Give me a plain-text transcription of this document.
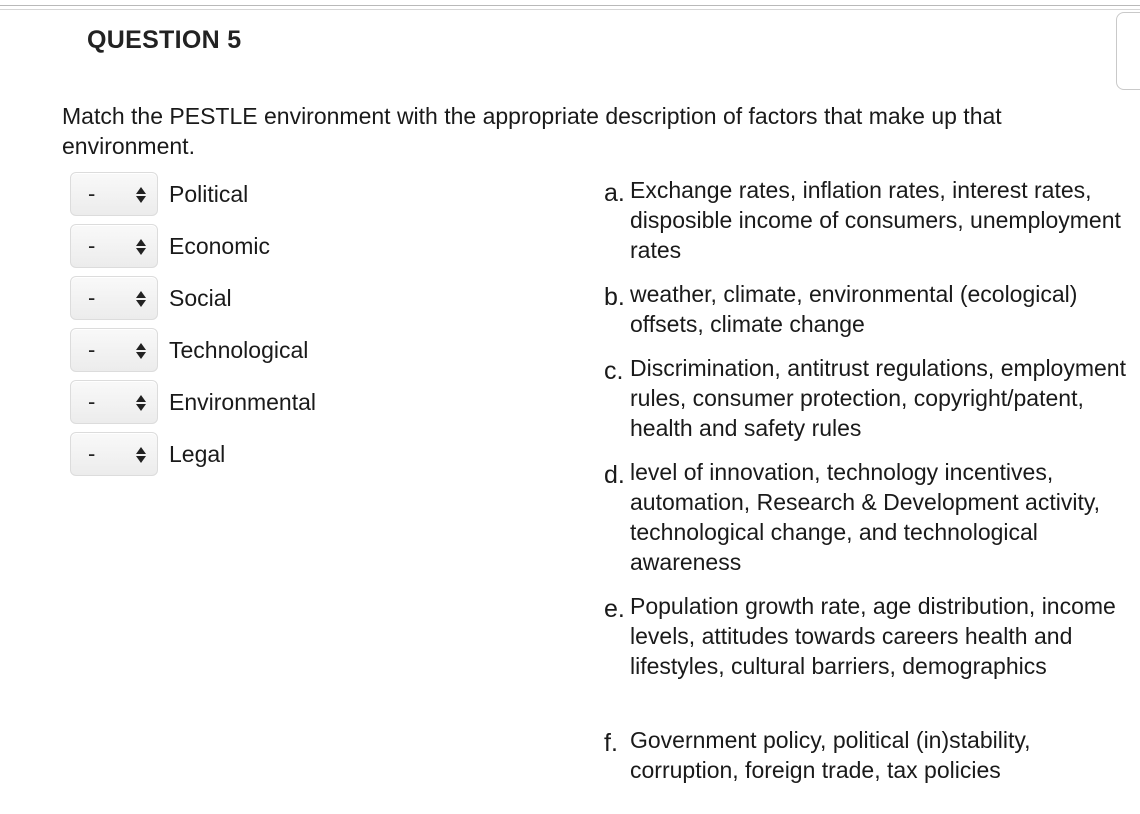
QUESTION 5
Match the PESTLE environment with the appropriate description of factors that make up that environment.
-	Political
-	Economic
-	Social
-	Technological
-	Environmental
-	Legal
a. Exchange rates, inflation rates, interest rates, disposible income of consumers, unemployment rates
b. weather, climate, environmental (ecological) offsets, climate change
c. Discrimination, antitrust regulations, employment rules, consumer protection, copyright/patent, health and safety rules
d. level of innovation, technology incentives, automation, Research & Development activity, technological change, and technological awareness
e. Population growth rate, age distribution, income levels, attitudes towards careers health and lifestyles, cultural barriers, demographics
f. Government policy, political (in)stability, corruption, foreign trade, tax policies
